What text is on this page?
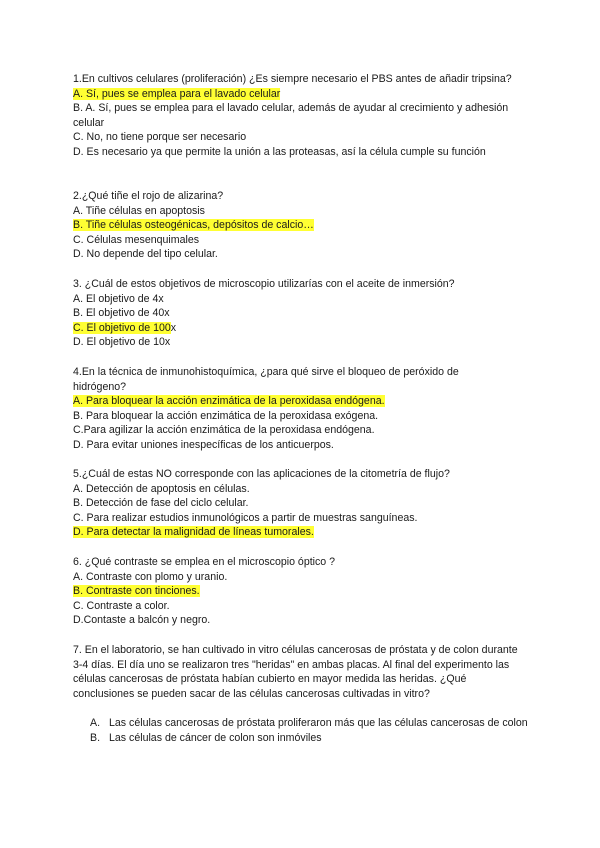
1.En cultivos celulares (proliferación) ¿Es siempre necesario el PBS antes de añadir tripsina?
A. Sí, pues se emplea para el lavado celular
B. A. Sí, pues se emplea para el lavado celular, además de ayudar al crecimiento y adhesión celular
C. No, no tiene porque ser necesario
D. Es necesario ya que permite la unión a las proteasas, así la célula cumple su función
2.¿Qué tiñe el rojo de alizarina?
A. Tiñe células en apoptosis
B. Tiñe células osteogénicas, depósitos de calcio…
C. Células mesenquimales
D. No depende del tipo celular.
3. ¿Cuál de estos objetivos de microscopio utilizarías con el aceite de inmersión?
A. El objetivo de 4x
B. El objetivo de 40x
C. El objetivo de 100x
D. El objetivo de 10x
4.En la técnica de inmunohistoquímica, ¿para qué sirve el bloqueo de peróxido de hidrógeno?
A. Para bloquear la acción enzimática de la peroxidasa endógena.
B. Para bloquear la acción enzimática de la peroxidasa exógena.
C.Para agilizar la acción enzimática de la peroxidasa endógena.
D. Para evitar uniones inespecíficas de los anticuerpos.
5.¿Cuál de estas NO corresponde con las aplicaciones de la citometría de flujo?
A. Detección de apoptosis en células.
B. Detección de fase del ciclo celular.
C. Para realizar estudios inmunológicos a partir de muestras sanguíneas.
D. Para detectar la malignidad de líneas tumorales.
6. ¿Qué contraste se emplea en el microscopio óptico ?
A. Contraste con plomo y uranio.
B. Contraste con tinciones.
C. Contraste a color.
D.Contaste a balcón y negro.
7. En el laboratorio, se han cultivado in vitro células cancerosas de próstata y de colon durante 3-4 días. El día uno se realizaron tres "heridas" en ambas placas. Al final del experimento las células cancerosas de próstata habían cubierto en mayor medida las heridas. ¿Qué conclusiones se pueden sacar de las células cancerosas cultivadas in vitro?
A. Las células cancerosas de próstata proliferaron más que las células cancerosas de colon
B. Las células de cáncer de colon son inmóviles
